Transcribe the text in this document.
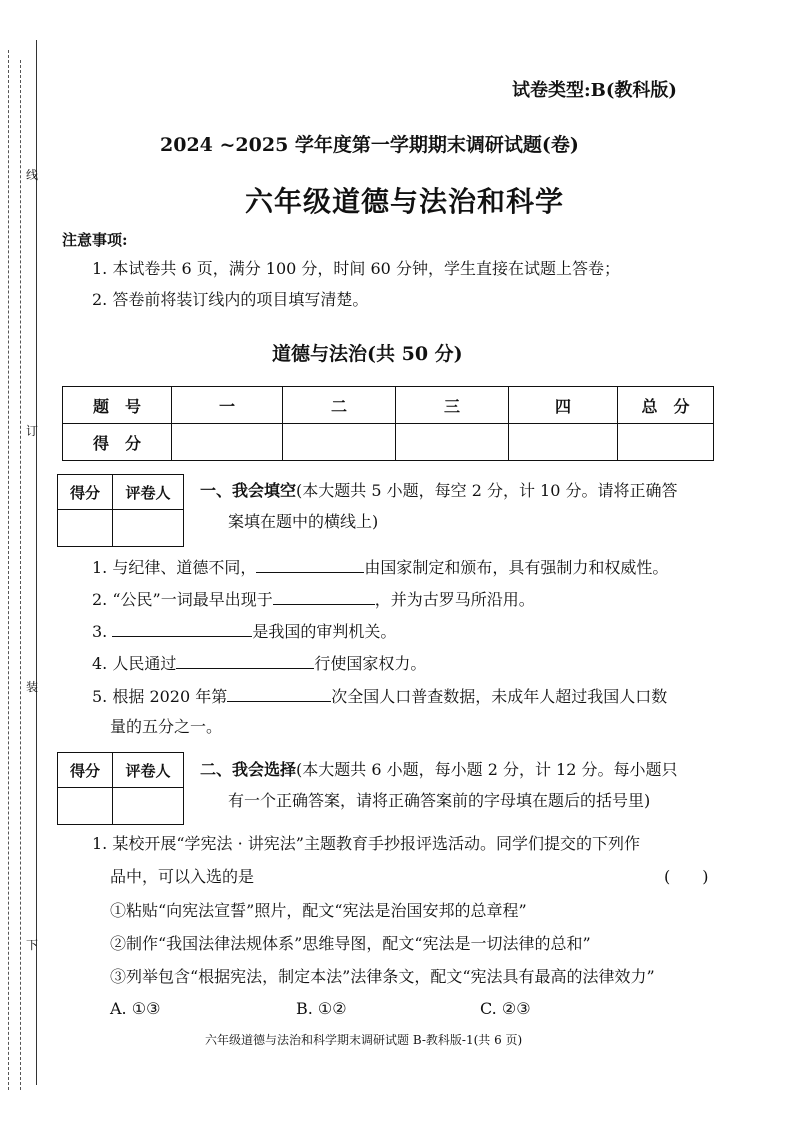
线
订
装
下
试卷类型:B(教科版)
2024 ~2025 学年度第一学期期末调研试题(卷)
六年级道德与法治和科学
注意事项:
1. 本试卷共 6 页，满分 100 分，时间 60 分钟，学生直接在试题上答卷；
2. 答卷前将装订线内的项目填写清楚。
道德与法治(共 50 分)
题　号	一	二	三	四	总　分
得　分					
得分	评卷人
	一、我会填空(本大题共 5 小题，每空 2 分，计 10 分。请将正确答
案填在题中的横线上)
1. 与纪律、道德不同，	由国家制定和颁布，具有强制力和权威性。
2. “公民”一词最早出现于	，并为古罗马所沿用。
3.	是我国的审判机关。
4. 人民通过	行使国家权力。
5. 根据 2020 年第	次全国人口普查数据，未成年人超过我国人口数
量的五分之一。
得分	评卷人
	二、我会选择(本大题共 6 小题，每小题 2 分，计 12 分。每小题只
有一个正确答案，请将正确答案前的字母填在题后的括号里)
1. 某校开展“学宪法 · 讲宪法”主题教育手抄报评选活动。同学们提交的下列作
品中，可以入选的是	(　　)
①粘贴“向宪法宣誓”照片，配文“宪法是治国安邦的总章程”
②制作“我国法律法规体系”思维导图，配文“宪法是一切法律的总和”
③列举包含“根据宪法，制定本法”法律条文，配文“宪法具有最高的法律效力”
A. ①③	B. ①②	C. ②③
六年级道德与法治和科学期末调研试题 B-教科版-1(共 6 页)
